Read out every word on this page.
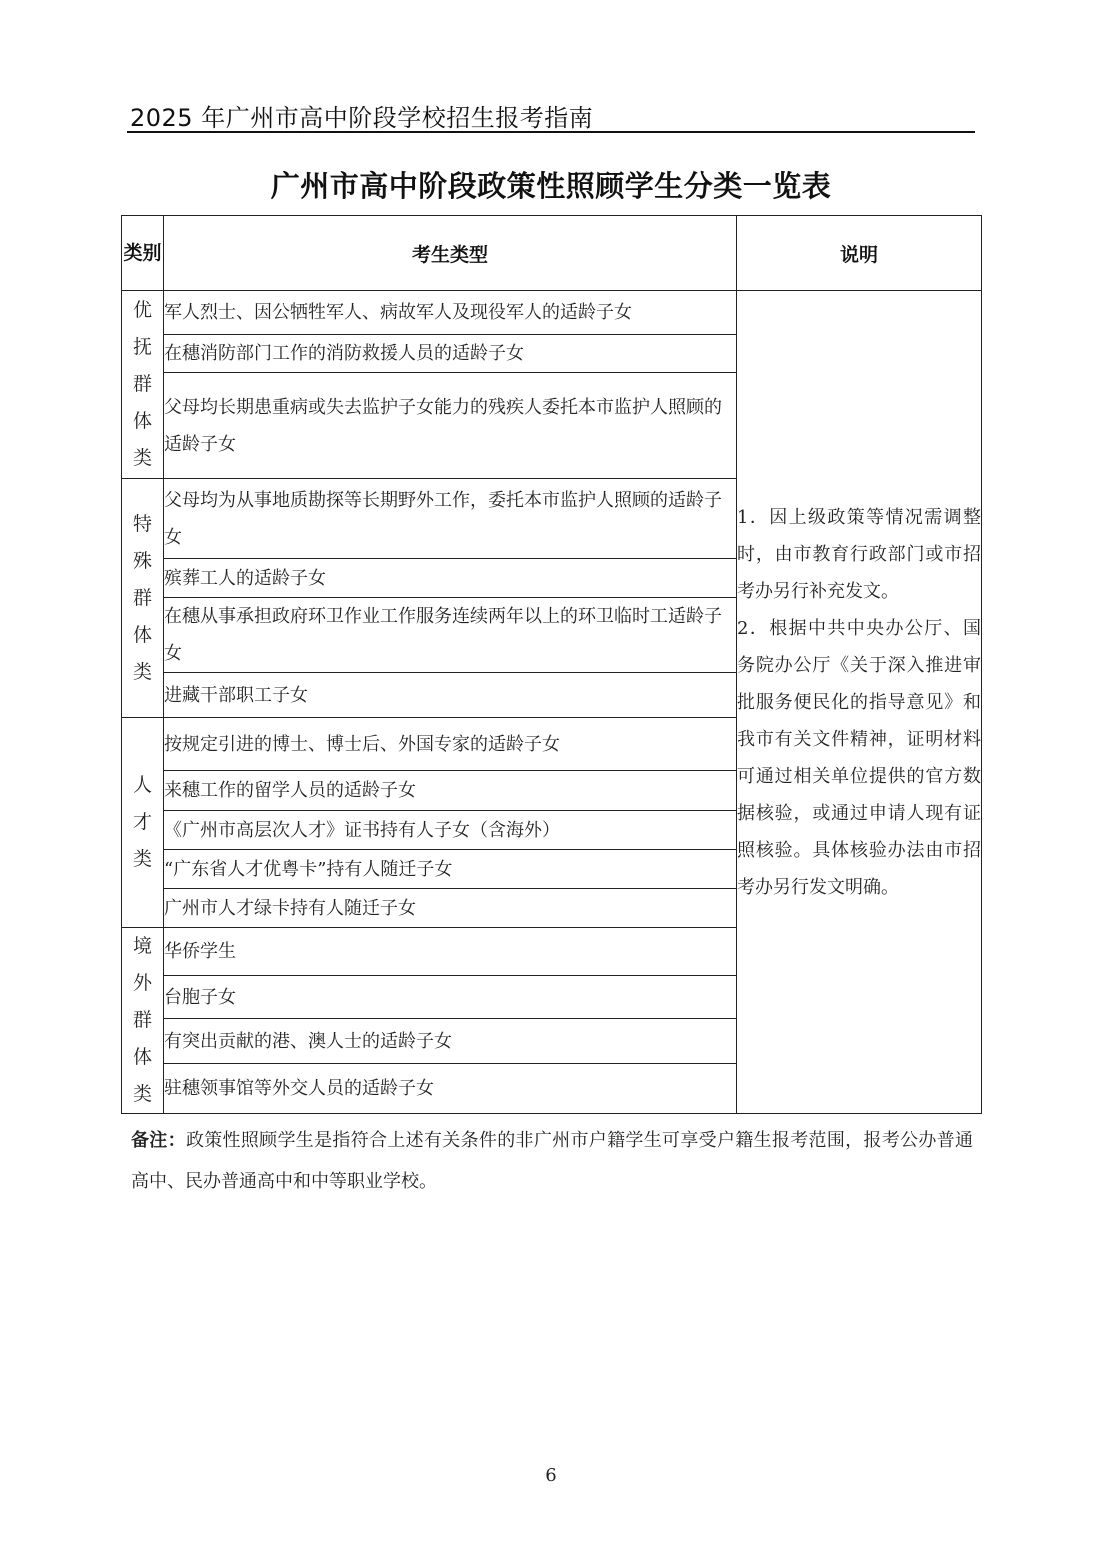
2025 年广州市高中阶段学校招生报考指南
广州市高中阶段政策性照顾学生分类一览表
类别	考生类型	说明

优
抚
群
体
类	军人烈士、因公牺牲军人、病故军人及现役军人的适龄子女	1．因上级政策等情况需调整时，由市教育行政部门或市招考办另行补充发文。
2．根据中共中央办公厅、国务院办公厅《关于深入推进审批服务便民化的指导意见》和我市有关文件精神，证明材料可通过相关单位提供的官方数据核验，或通过申请人现有证照核验。具体核验办法由市招考办另行发文明确。

	在穗消防部门工作的消防救援人员的适龄子女	
	父母均长期患重病或失去监护子女能力的残疾人委托本市监护人照顾的适龄子女	

特
殊
群
体
类	父母均为从事地质勘探等长期野外工作，委托本市监护人照顾的适龄子女	
	殡葬工人的适龄子女	
	在穗从事承担政府环卫作业工作服务连续两年以上的环卫临时工适龄子女	
	进藏干部职工子女	

人
才
类	按规定引进的博士、博士后、外国专家的适龄子女	
	来穗工作的留学人员的适龄子女	
	《广州市高层次人才》证书持有人子女（含海外）	
	“广东省人才优粤卡”持有人随迁子女	
	广州市人才绿卡持有人随迁子女	

境
外
群
体
类	华侨学生	
	台胞子女	
	有突出贡献的港、澳人士的适龄子女	
	驻穗领事馆等外交人员的适龄子女	
备注：政策性照顾学生是指符合上述有关条件的非广州市户籍学生可享受户籍生报考范围，报考公办普通高中、民办普通高中和中等职业学校。
6
